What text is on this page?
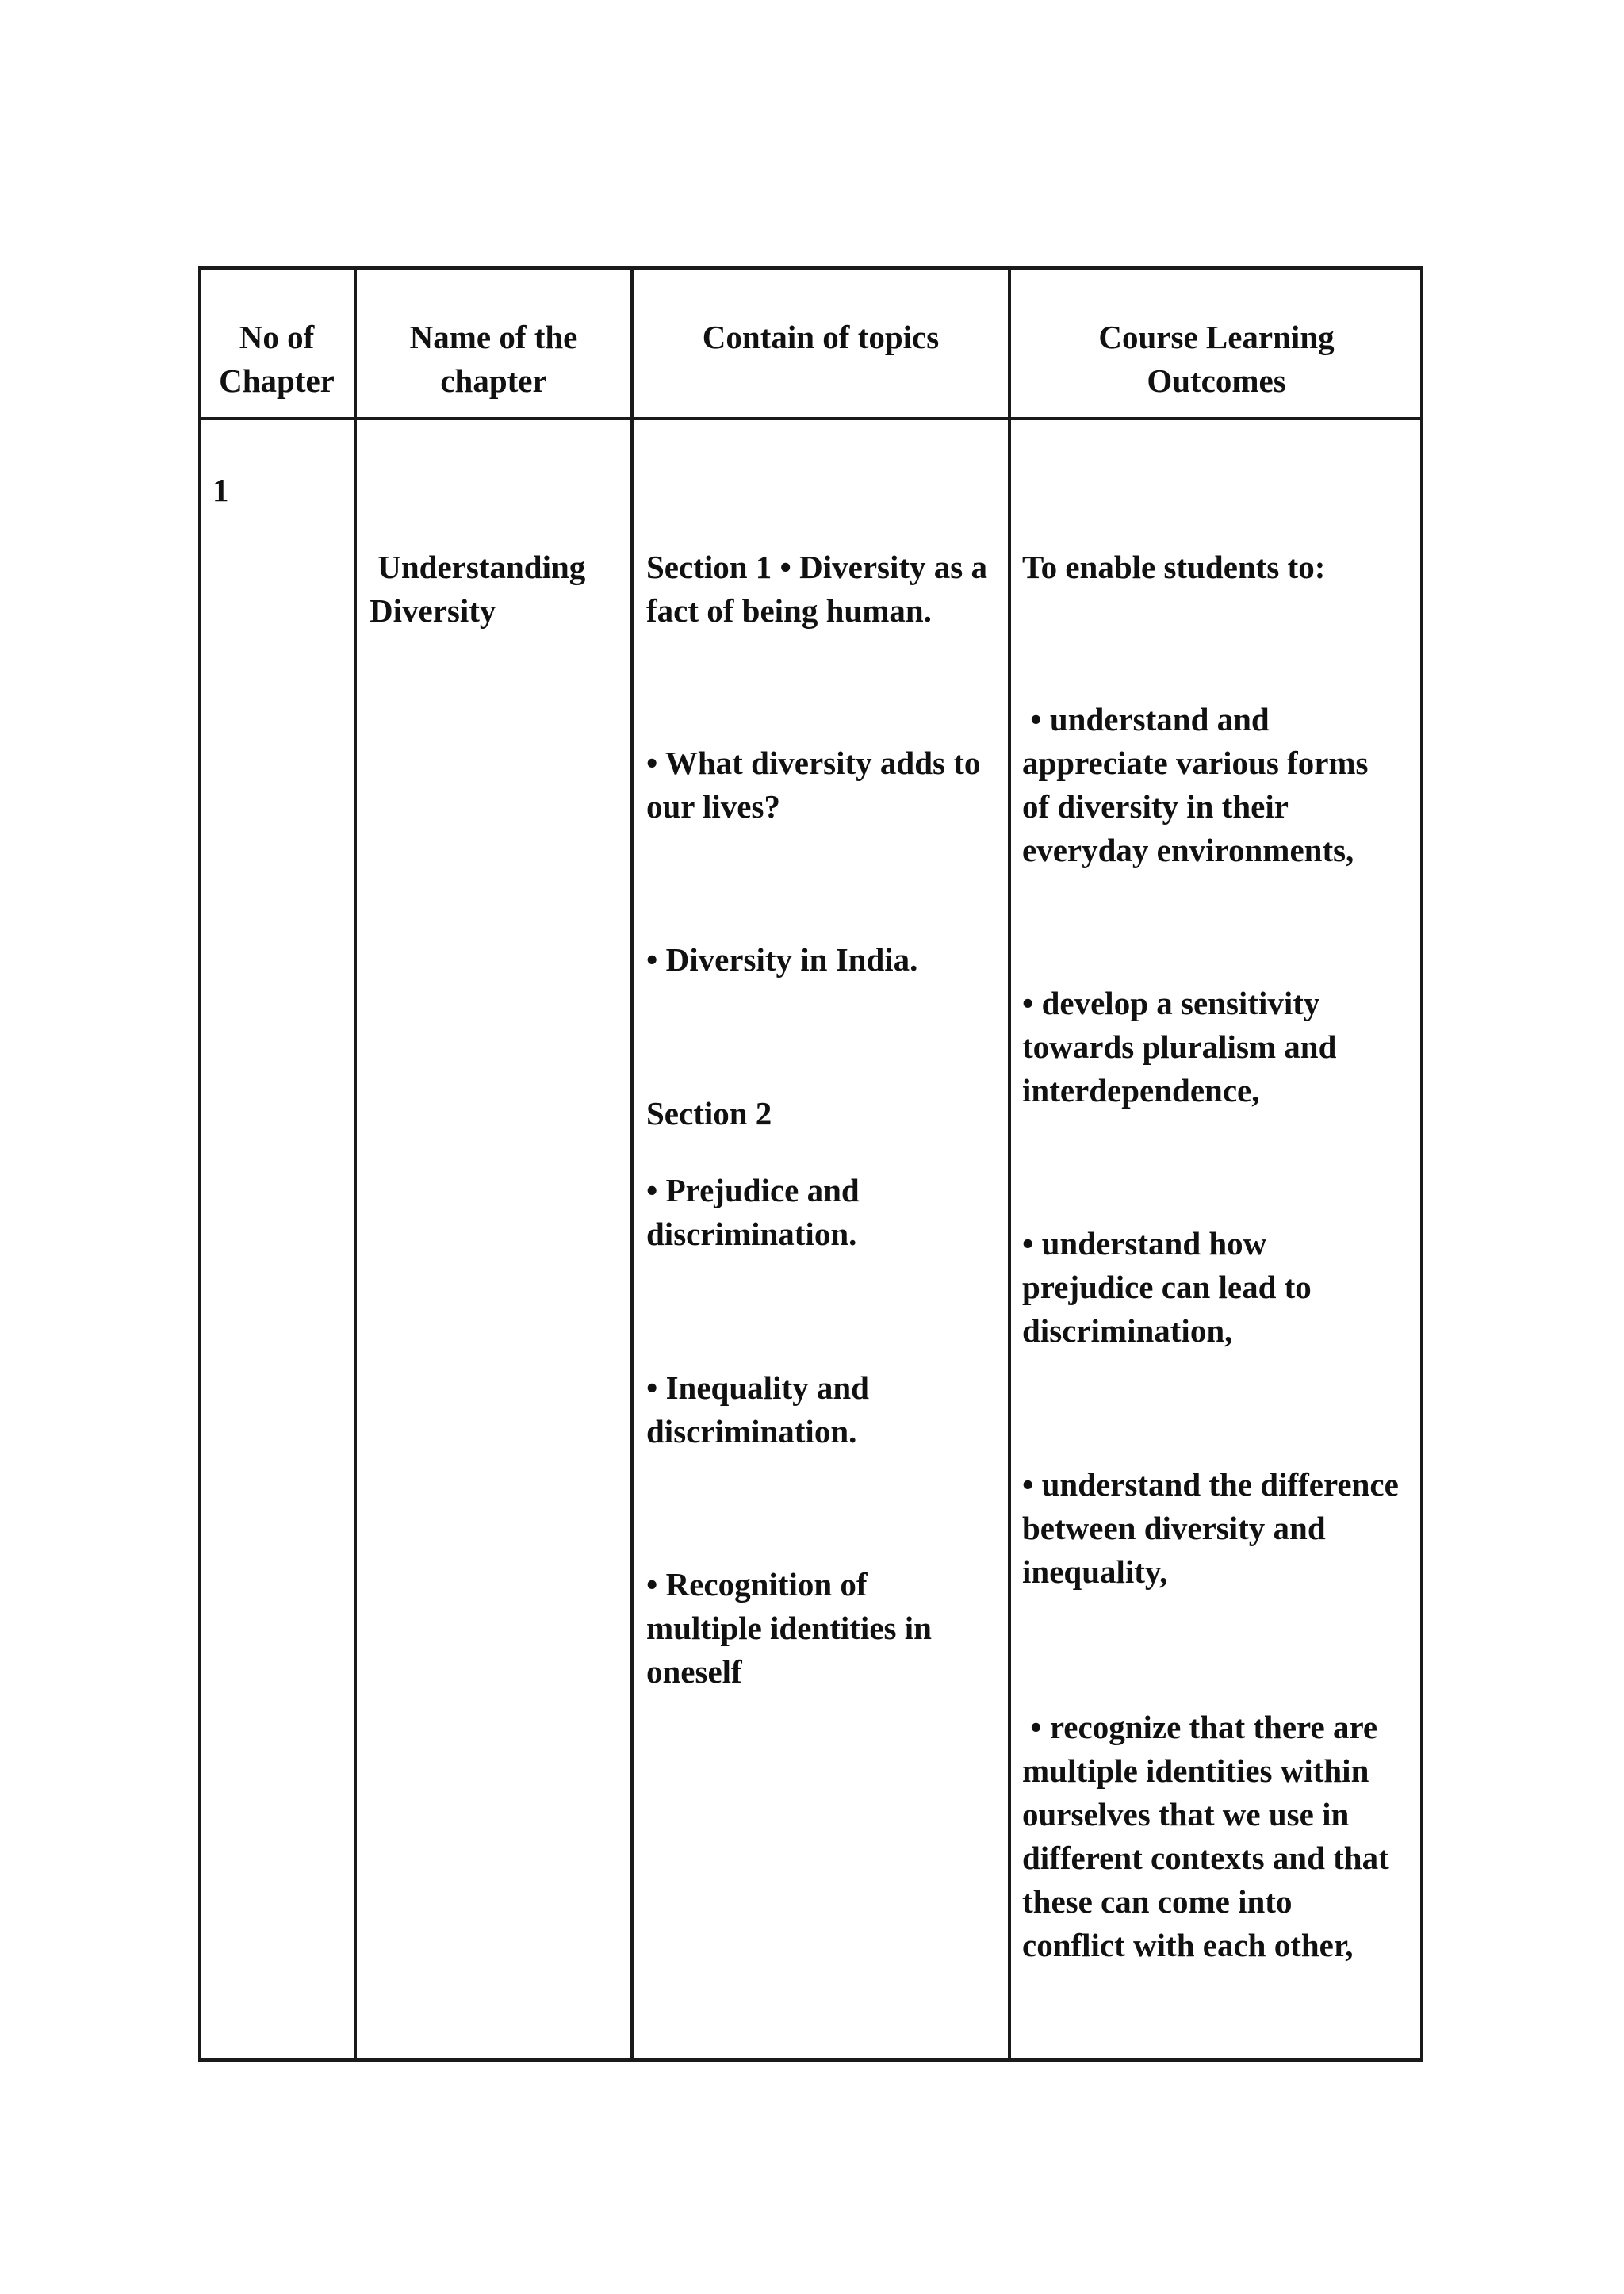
No of
Chapter
Name of the
chapter
Contain of topics	Course Learning
Outcomes
1
Understanding
Diversity
Section 1 • Diversity as a
fact of being human.
• What diversity adds to
our lives?
• Diversity in India.
Section 2
• Prejudice and
discrimination.
• Inequality and
discrimination.
• Recognition of
multiple identities in
oneself
To enable students to:
• understand and
appreciate various forms
of diversity in their
everyday environments,
• develop a sensitivity
towards pluralism and
interdependence,
• understand how
prejudice can lead to
discrimination,
• understand the difference
between diversity and
inequality,
• recognize that there are
multiple identities within
ourselves that we use in
different contexts and that
these can come into
conflict with each other,
